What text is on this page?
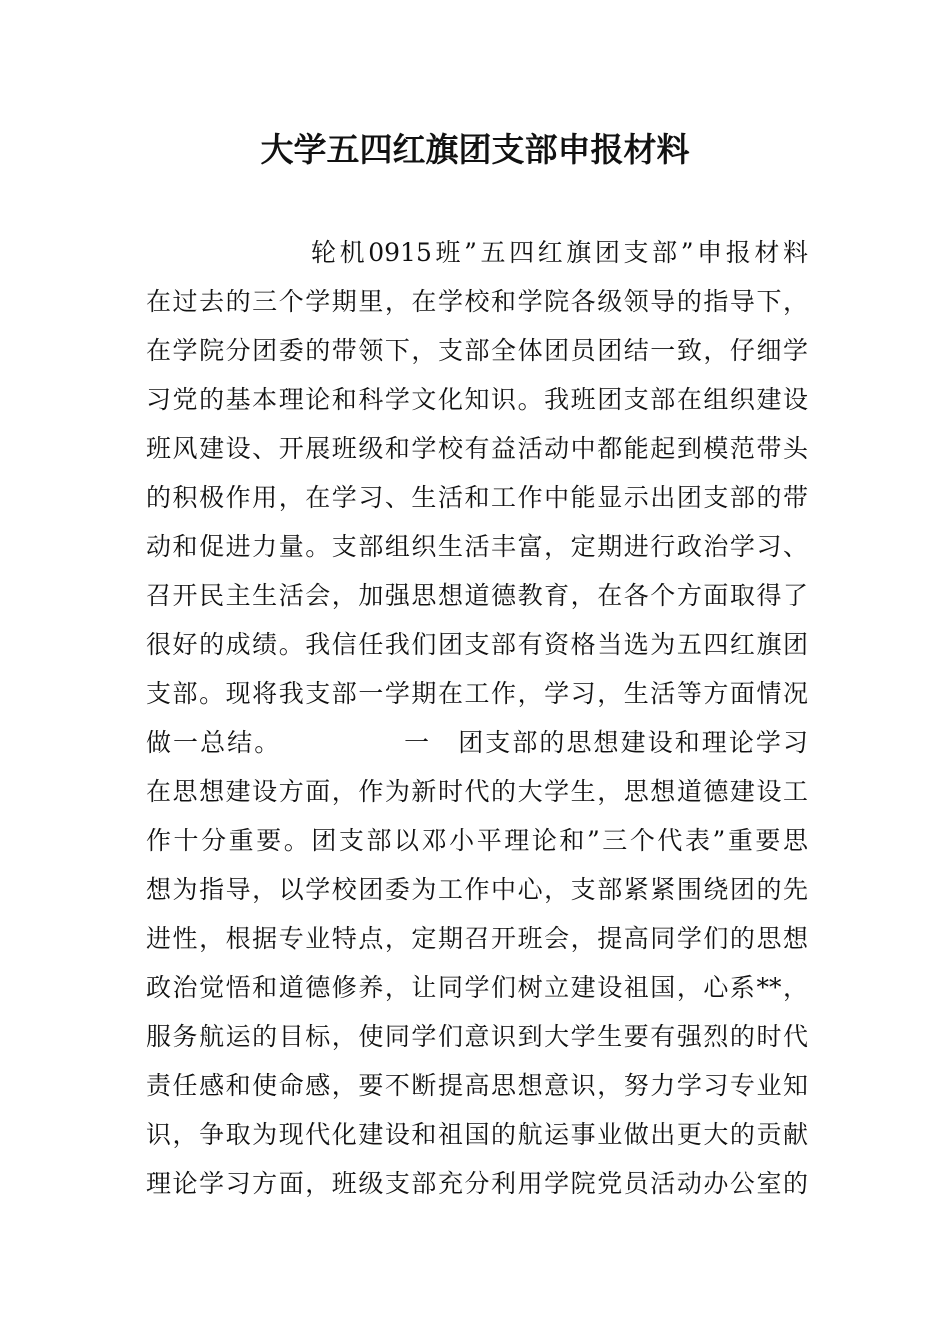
大学五四红旗团支部申报材料
轮机0915班”五四红旗团支部”申报材料
在过去的三个学期里，在学校和学院各级领导的指导下，
在学院分团委的带领下，支部全体团员团结一致，仔细学
习党的基本理论和科学文化知识。我班团支部在组织建设
班风建设、开展班级和学校有益活动中都能起到模范带头
的积极作用，在学习、生活和工作中能显示出团支部的带
动和促进力量。支部组织生活丰富，定期进行政治学习、
召开民主生活会，加强思想道德教育，在各个方面取得了
很好的成绩。我信任我们团支部有资格当选为五四红旗团
支部。现将我支部一学期在工作，学习，生活等方面情况
做一总结。　　　　　一　团支部的思想建设和理论学习
在思想建设方面，作为新时代的大学生，思想道德建设工
作十分重要。团支部以邓小平理论和”三个代表”重要思
想为指导，以学校团委为工作中心，支部紧紧围绕团的先
进性，根据专业特点，定期召开班会，提高同学们的思想
政治觉悟和道德修养，让同学们树立建设祖国，心系**，
服务航运的目标，使同学们意识到大学生要有强烈的时代
责任感和使命感，要不断提高思想意识，努力学习专业知
识，争取为现代化建设和祖国的航运事业做出更大的贡献
理论学习方面，班级支部充分利用学院党员活动办公室的
